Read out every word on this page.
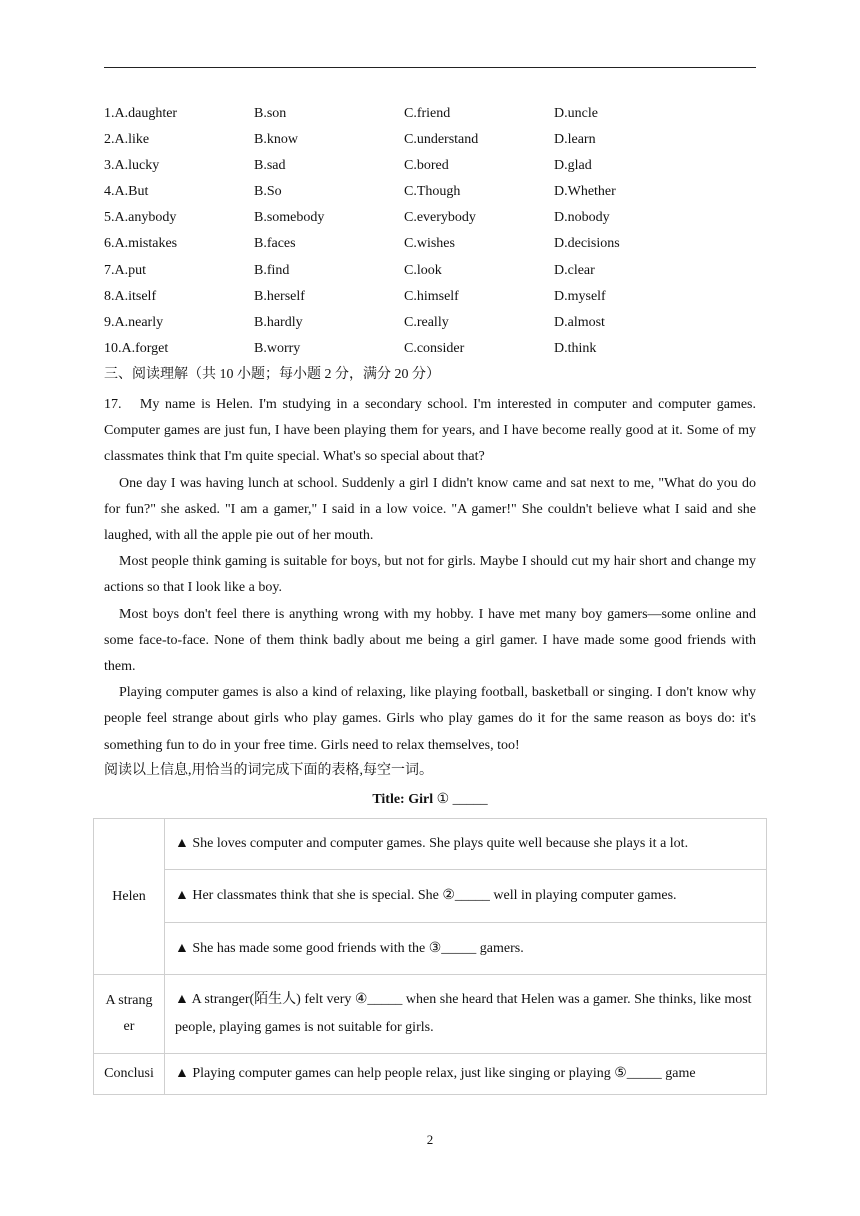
1.A.daughter	B.son	C.friend	D.uncle
2.A.like	B.know	C.understand	D.learn
3.A.lucky	B.sad	C.bored	D.glad
4.A.But	B.So	C.Though	D.Whether
5.A.anybody	B.somebody	C.everybody	D.nobody
6.A.mistakes	B.faces	C.wishes	D.decisions
7.A.put	B.find	C.look	D.clear
8.A.itself	B.herself	C.himself	D.myself
9.A.nearly	B.hardly	C.really	D.almost
10.A.forget	B.worry	C.consider	D.think
三、阅读理解（共 10 小题；每小题 2 分，满分 20 分）

17.　My name is Helen. I'm studying in a secondary school. I'm interested in computer and computer games. Computer games are just fun, I have been playing them for years, and I have become really good at it. Some of my classmates think that I'm quite special. What's so special about that?

One day I was having lunch at school. Suddenly a girl I didn't know came and sat next to me, "What do you do for fun?" she asked. "I am a gamer," I said in a low voice. "A gamer!" She couldn't believe what I said and she laughed, with all the apple pie out of her mouth.

Most people think gaming is suitable for boys, but not for girls. Maybe I should cut my hair short and change my actions so that I look like a boy.

Most boys don't feel there is anything wrong with my hobby. I have met many boy gamers—some online and some face-to-face. None of them think badly about me being a girl gamer. I have made some good friends with them.

Playing computer games is also a kind of relaxing, like playing football, basketball or singing. I don't know why people feel strange about girls who play games. Girls who play games do it for the same reason as boys do: it's something fun to do in your free time. Girls need to relax themselves, too!

阅读以上信息,用恰当的词完成下面的表格,每空一词。
Title: Girl ① _____
Helen	▲ She loves computer and computer games. She plays quite well because she plays it a lot.
	▲ Her classmates think that she is special. She ②_____ well in playing computer games.
	▲ She has made some good friends with the ③_____ gamers.
A strang er	▲ A stranger(陌生人) felt very ④_____ when she heard that Helen was a gamer. She thinks, like most people, playing games is not suitable for girls.
Conclusi	▲ Playing computer games can help people relax, just like singing or playing ⑤_____ game
2
